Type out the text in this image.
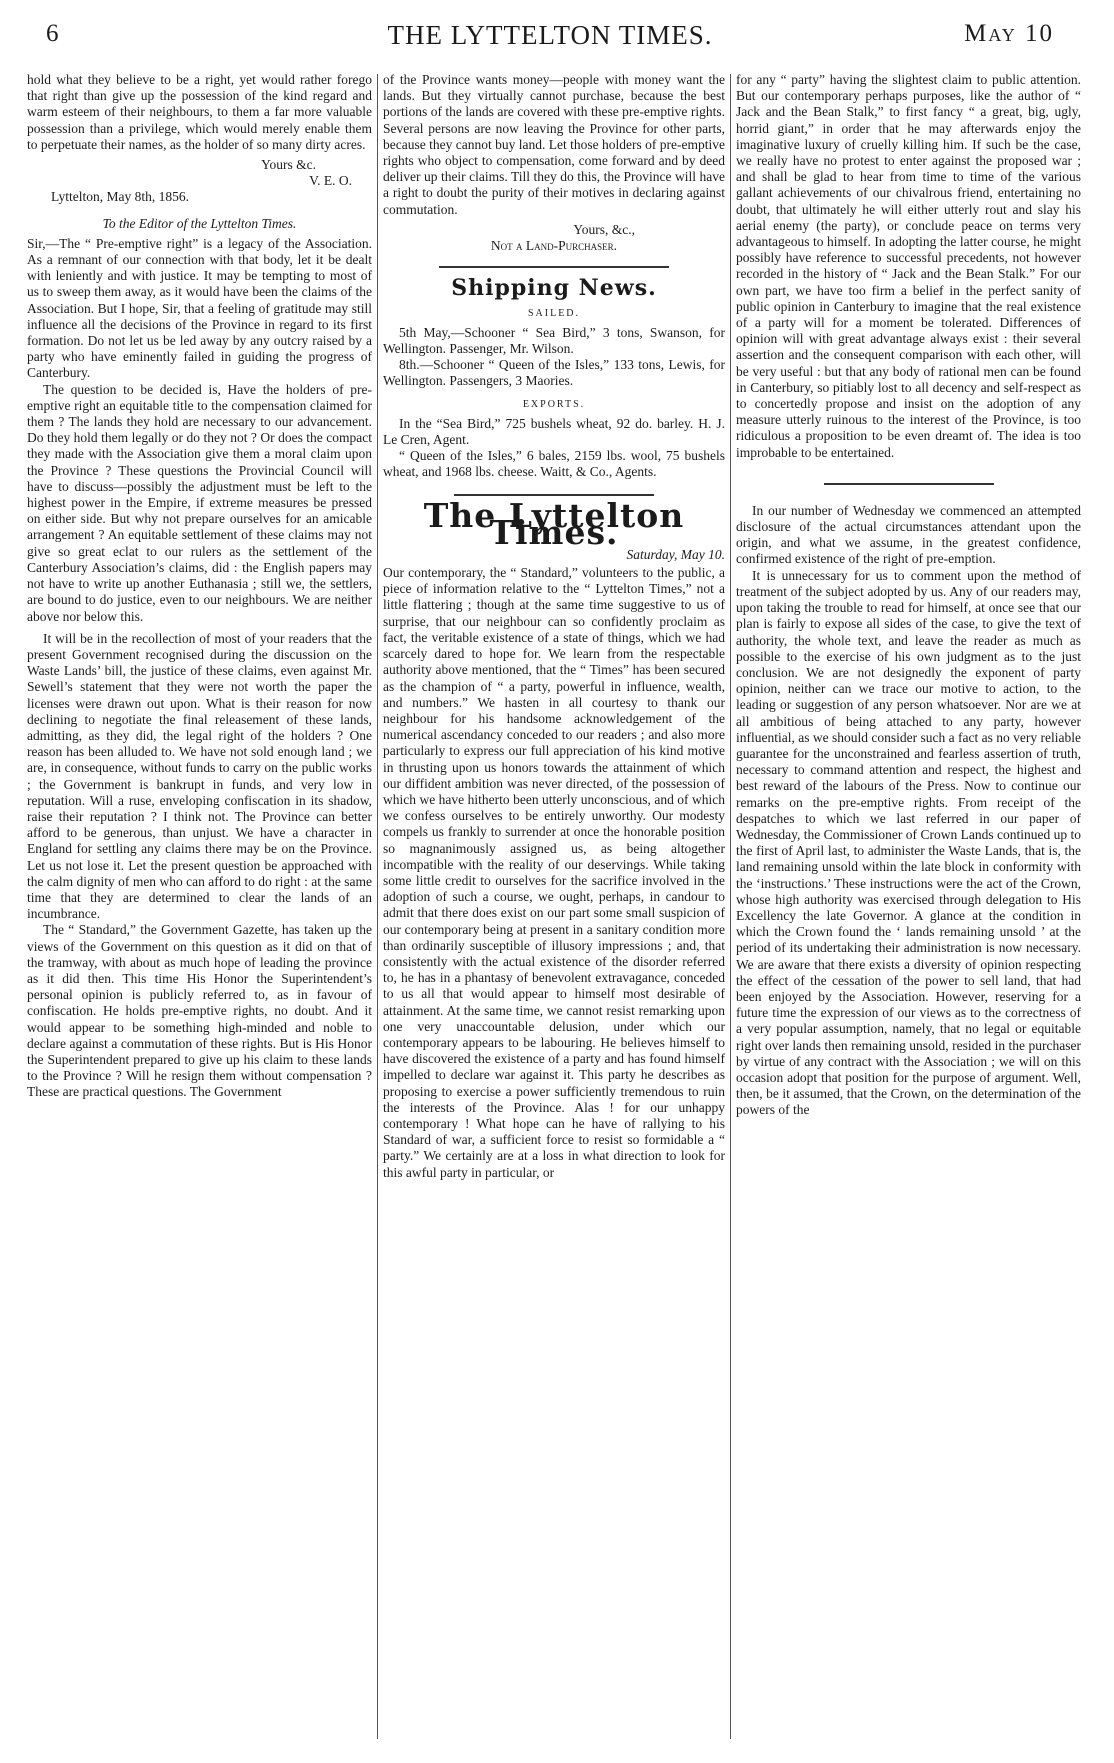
6	THE LYTTELTON TIMES.	May 10

hold what they believe to be a right, yet would rather forego that right than give up the possession of the kind regard and warm esteem of their neighbours, to them a far more valuable possession than a privilege, which would merely enable them to perpetuate their names, as the holder of so many dirty acres.

Yours &c.

V. E. O.

Lyttelton, May 8th, 1856.

To the Editor of the Lyttelton Times.

Sir,—The “ Pre-emptive right” is a legacy of the Association. As a remnant of our connection with that body, let it be dealt with leniently and with justice. It may be tempting to most of us to sweep them away, as it would have been the claims of the Association. But I hope, Sir, that a feeling of gratitude may still influence all the decisions of the Province in regard to its first formation. Do not let us be led away by any outcry raised by a party who have eminently failed in guiding the progress of Canterbury.

The question to be decided is, Have the holders of pre-emptive right an equitable title to the compensation claimed for them ? The lands they hold are necessary to our advancement. Do they hold them legally or do they not ? Or does the compact they made with the Association give them a moral claim upon the Province ? These questions the Provincial Council will have to discuss—possibly the adjustment must be left to the highest power in the Empire, if extreme measures be pressed on either side. But why not prepare ourselves for an amicable arrangement ? An equitable settlement of these claims may not give so great eclat to our rulers as the settlement of the Canterbury Association’s claims, did : the English papers may not have to write up another Euthanasia ; still we, the settlers, are bound to do justice, even to our neighbours. We are neither above nor below this.

It will be in the recollection of most of your readers that the present Government recognised during the discussion on the Waste Lands’ bill, the justice of these claims, even against Mr. Sewell’s statement that they were not worth the paper the licenses were drawn out upon. What is their reason for now declining to negotiate the final releasement of these lands, admitting, as they did, the legal right of the holders ? One reason has been alluded to. We have not sold enough land ; we are, in consequence, without funds to carry on the public works ; the Government is bankrupt in funds, and very low in reputation. Will a ruse, enveloping confiscation in its shadow, raise their reputation ? I think not. The Province can better afford to be generous, than unjust. We have a character in England for settling any claims there may be on the Province. Let us not lose it. Let the present question be approached with the calm dignity of men who can afford to do right : at the same time that they are determined to clear the lands of an incumbrance.

The “ Standard,” the Government Gazette, has taken up the views of the Government on this question as it did on that of the tramway, with about as much hope of leading the province as it did then. This time His Honor the Superintendent’s personal opinion is publicly referred to, as in favour of confiscation. He holds pre-emptive rights, no doubt. And it would appear to be something high-minded and noble to declare against a commutation of these rights. But is His Honor the Superintendent prepared to give up his claim to these lands to the Province ? Will he resign them without compensation ? These are practical questions. The Government

of the Province wants money—people with money want the lands. But they virtually cannot purchase, because the best portions of the lands are covered with these pre-emptive rights. Several persons are now leaving the Province for other parts, because they cannot buy land. Let those holders of pre-emptive rights who object to compensation, come forward and by deed deliver up their claims. Till they do this, the Province will have a right to doubt the purity of their motives in declaring against commutation.

Yours, &c.,

Not a Land-Purchaser.

Shipping News.

SAILED.

5th May,—Schooner “ Sea Bird,” 3 tons, Swanson, for Wellington. Passenger, Mr. Wilson.

8th.—Schooner “ Queen of the Isles,” 133 tons, Lewis, for Wellington. Passengers, 3 Maories.

EXPORTS.

In the “Sea Bird,” 725 bushels wheat, 92 do. barley. H. J. Le Cren, Agent.

“ Queen of the Isles,” 6 bales, 2159 lbs. wool, 75 bushels wheat, and 1968 lbs. cheese. Waitt, & Co., Agents.

The Lyttelton Times.

Saturday, May 10.

Our contemporary, the “ Standard,” volunteers to the public, a piece of information relative to the “ Lyttelton Times,” not a little flattering ; though at the same time suggestive to us of surprise, that our neighbour can so confidently proclaim as fact, the veritable existence of a state of things, which we had scarcely dared to hope for. We learn from the respectable authority above mentioned, that the “ Times” has been secured as the champion of “ a party, powerful in influence, wealth, and numbers.” We hasten in all courtesy to thank our neighbour for his handsome acknowledgement of the numerical ascendancy conceded to our readers ; and also more particularly to express our full appreciation of his kind motive in thrusting upon us honors towards the attainment of which our diffident ambition was never directed, of the possession of which we have hitherto been utterly unconscious, and of which we confess ourselves to be entirely unworthy. Our modesty compels us frankly to surrender at once the honorable position so magnanimously assigned us, as being altogether incompatible with the reality of our deservings. While taking some little credit to ourselves for the sacrifice involved in the adoption of such a course, we ought, perhaps, in candour to admit that there does exist on our part some small suspicion of our contemporary being at present in a sanitary condition more than ordinarily susceptible of illusory impressions ; and, that consistently with the actual existence of the disorder referred to, he has in a phantasy of benevolent extravagance, conceded to us all that would appear to himself most desirable of attainment. At the same time, we cannot resist remarking upon one very unaccountable delusion, under which our contemporary appears to be labouring. He believes himself to have discovered the existence of a party and has found himself impelled to declare war against it. This party he describes as proposing to exercise a power sufficiently tremendous to ruin the interests of the Province. Alas ! for our unhappy contemporary ! What hope can he have of rallying to his Standard of war, a sufficient force to resist so formidable a “ party.” We certainly are at a loss in what direction to look for this awful party in particular, or

for any “ party” having the slightest claim to public attention. But our contemporary perhaps purposes, like the author of “ Jack and the Bean Stalk,” to first fancy “ a great, big, ugly, horrid giant,” in order that he may afterwards enjoy the imaginative luxury of cruelly killing him. If such be the case, we really have no protest to enter against the proposed war ; and shall be glad to hear from time to time of the various gallant achievements of our chivalrous friend, entertaining no doubt, that ultimately he will either utterly rout and slay his aerial enemy (the party), or conclude peace on terms very advantageous to himself. In adopting the latter course, he might possibly have reference to successful precedents, not however recorded in the history of “ Jack and the Bean Stalk.” For our own part, we have too firm a belief in the perfect sanity of public opinion in Canterbury to imagine that the real existence of a party will for a moment be tolerated. Differences of opinion will with great advantage always exist : their several assertion and the consequent comparison with each other, will be very useful : but that any body of rational men can be found in Canterbury, so pitiably lost to all decency and self-respect as to concertedly propose and insist on the adoption of any measure utterly ruinous to the interest of the Province, is too ridiculous a proposition to be even dreamt of. The idea is too improbable to be entertained.

In our number of Wednesday we commenced an attempted disclosure of the actual circumstances attendant upon the origin, and what we assume, in the greatest confidence, confirmed existence of the right of pre-emption.

It is unnecessary for us to comment upon the method of treatment of the subject adopted by us. Any of our readers may, upon taking the trouble to read for himself, at once see that our plan is fairly to expose all sides of the case, to give the text of authority, the whole text, and leave the reader as much as possible to the exercise of his own judgment as to the just conclusion. We are not designedly the exponent of party opinion, neither can we trace our motive to action, to the leading or suggestion of any person whatsoever. Nor are we at all ambitious of being attached to any party, however influential, as we should consider such a fact as no very reliable guarantee for the unconstrained and fearless assertion of truth, necessary to command attention and respect, the highest and best reward of the labours of the Press. Now to continue our remarks on the pre-emptive rights. From receipt of the despatches to which we last referred in our paper of Wednesday, the Commissioner of Crown Lands continued up to the first of April last, to administer the Waste Lands, that is, the land remaining unsold within the late block in conformity with the ‘instructions.’ These instructions were the act of the Crown, whose high authority was exercised through delegation to His Excellency the late Governor. A glance at the condition in which the Crown found the ‘ lands remaining unsold ’ at the period of its undertaking their administration is now necessary. We are aware that there exists a diversity of opinion respecting the effect of the cessation of the power to sell land, that had been enjoyed by the Association. However, reserving for a future time the expression of our views as to the correctness of a very popular assumption, namely, that no legal or equitable right over lands then remaining unsold, resided in the purchaser by virtue of any contract with the Association ; we will on this occasion adopt that position for the purpose of argument. Well, then, be it assumed, that the Crown, on the determination of the powers of the
